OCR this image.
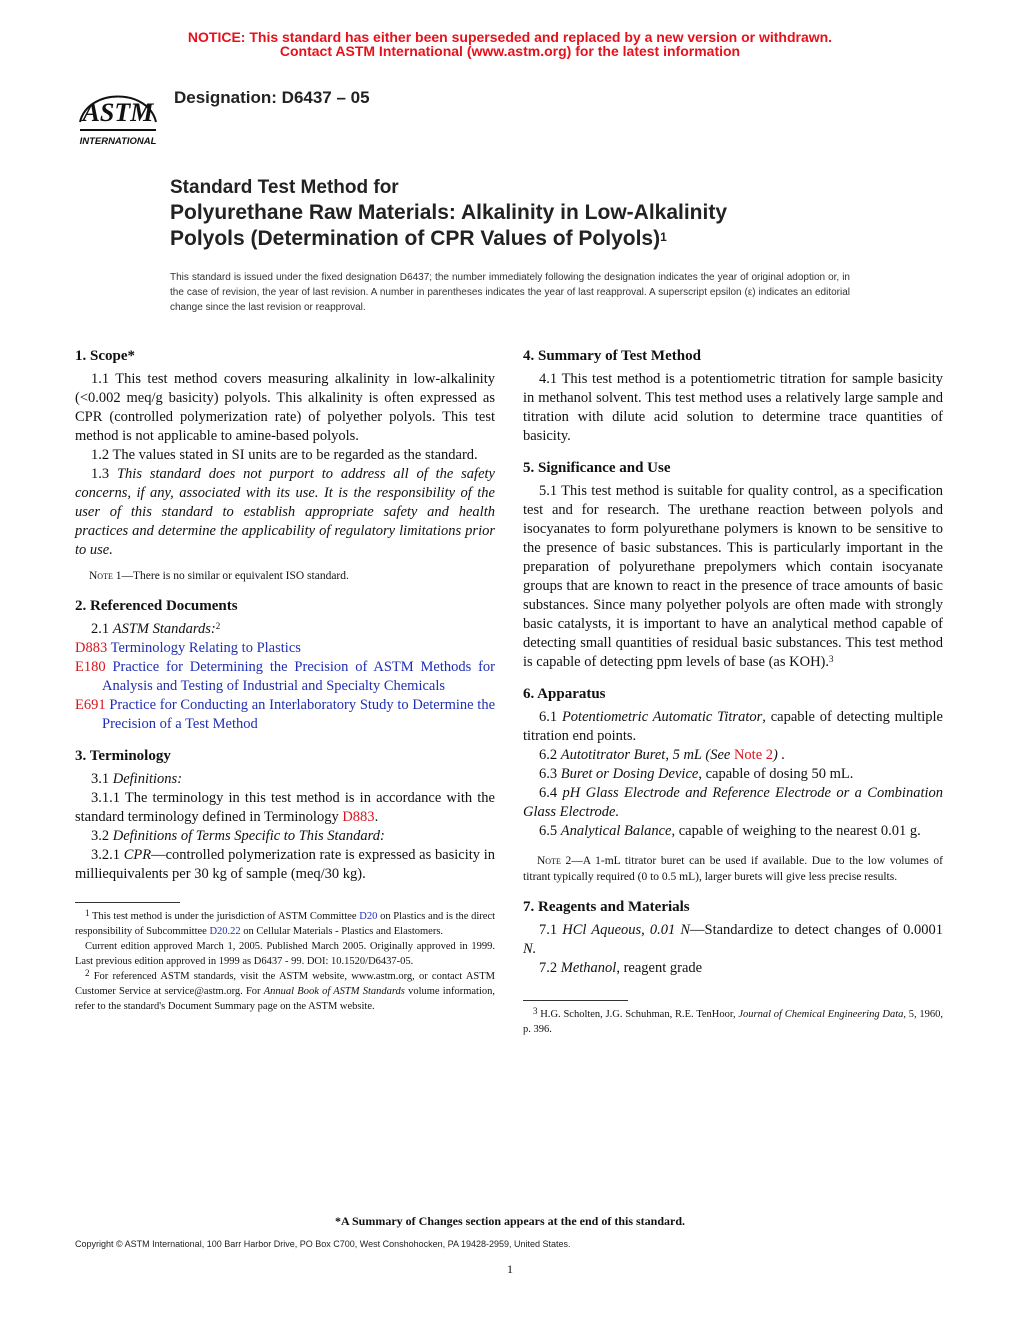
NOTICE: This standard has either been superseded and replaced by a new version or withdrawn.
Contact ASTM International (www.astm.org) for the latest information
ASTM
INTERNATIONAL
Designation: D6437 – 05
Standard Test Method for
Polyurethane Raw Materials: Alkalinity in Low-Alkalinity
Polyols (Determination of CPR Values of Polyols)$^1$
This standard is issued under the fixed designation D6437; the number immediately following the designation indicates the year of original adoption or, in the case of revision, the year of last revision. A number in parentheses indicates the year of last reapproval. A superscript epsilon (ε) indicates an editorial change since the last revision or reapproval.
1. Scope*

1.1 This test method covers measuring alkalinity in low-alkalinity (<0.002 meq/g basicity) polyols. This alkalinity is often expressed as CPR (controlled polymerization rate) of polyether polyols. This test method is not applicable to amine-based polyols.

1.2 The values stated in SI units are to be regarded as the standard.

1.3 This standard does not purport to address all of the safety concerns, if any, associated with its use. It is the responsibility of the user of this standard to establish appropriate safety and health practices and determine the applicability of regulatory limitations prior to use.

Note 1—There is no similar or equivalent ISO standard.
2. Referenced Documents

2.1 ASTM Standards:$^2$

D883 Terminology Relating to Plastics

E180 Practice for Determining the Precision of ASTM Methods for Analysis and Testing of Industrial and Specialty Chemicals

E691 Practice for Conducting an Interlaboratory Study to Determine the Precision of a Test Method

3. Terminology

3.1 Definitions:

3.1.1 The terminology in this test method is in accordance with the standard terminology defined in Terminology D883.

3.2 Definitions of Terms Specific to This Standard:

3.2.1 CPR—controlled polymerization rate is expressed as basicity in milliequivalents per 30 kg of sample (meq/30 kg).

$^1$ This test method is under the jurisdiction of ASTM Committee D20 on Plastics and is the direct responsibility of Subcommittee D20.22 on Cellular Materials - Plastics and Elastomers.

Current edition approved March 1, 2005. Published March 2005. Originally approved in 1999. Last previous edition approved in 1999 as D6437 - 99. DOI: 10.1520/D6437-05.

$^2$ For referenced ASTM standards, visit the ASTM website, www.astm.org, or contact ASTM Customer Service at service@astm.org. For Annual Book of ASTM Standards volume information, refer to the standard's Document Summary page on the ASTM website.

4. Summary of Test Method

4.1 This test method is a potentiometric titration for sample basicity in methanol solvent. This test method uses a relatively large sample and titration with dilute acid solution to determine trace quantities of basicity.

5. Significance and Use

5.1 This test method is suitable for quality control, as a specification test and for research. The urethane reaction between polyols and isocyanates to form polyurethane polymers is known to be sensitive to the presence of basic substances. This is particularly important in the preparation of polyurethane prepolymers which contain isocyanate groups that are known to react in the presence of trace amounts of basic substances. Since many polyether polyols are often made with strongly basic catalysts, it is important to have an analytical method capable of detecting small quantities of residual basic substances. This test method is capable of detecting ppm levels of base (as KOH).$^3$

6. Apparatus

6.1 Potentiometric Automatic Titrator, capable of detecting multiple titration end points.

6.2 Autotitrator Buret, 5 mL (See Note 2) .

6.3 Buret or Dosing Device, capable of dosing 50 mL.

6.4 pH Glass Electrode and Reference Electrode or a Combination Glass Electrode.

6.5 Analytical Balance, capable of weighing to the nearest 0.01 g.

Note 2—A 1-mL titrator buret can be used if available. Due to the low volumes of titrant typically required (0 to 0.5 mL), larger burets will give less precise results.
7. Reagents and Materials

7.1 HCl Aqueous, 0.01 N—Standardize to detect changes of 0.0001 N.

7.2 Methanol, reagent grade

$^3$ H.G. Scholten, J.G. Schuhman, R.E. TenHoor, Journal of Chemical Engineering Data, 5, 1960, p. 396.

*A Summary of Changes section appears at the end of this standard.
Copyright © ASTM International, 100 Barr Harbor Drive, PO Box C700, West Conshohocken, PA 19428-2959, United States.
1
